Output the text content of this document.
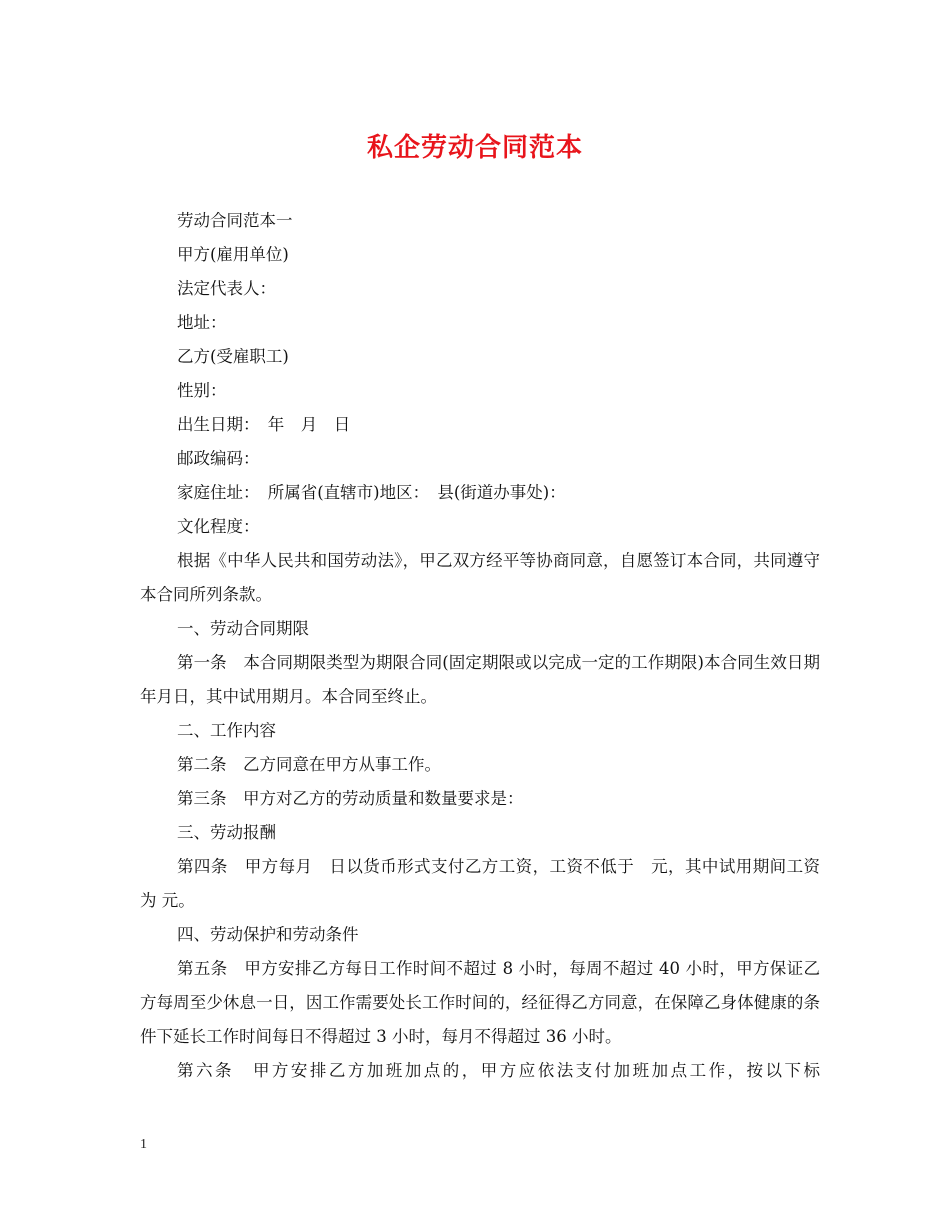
私企劳动合同范本

劳动合同范本一

甲方(雇用单位)

法定代表人：

地址：

乙方(受雇职工)

性别：

出生日期：　年　月　日

邮政编码：

家庭住址：　所属省(直辖市)地区：　县(街道办事处)：

文化程度：

根据《中华人民共和国劳动法》，甲乙双方经平等协商同意，自愿签订本合同，共同遵守本合同所列条款。

一、劳动合同期限

第一条　本合同期限类型为期限合同(固定期限或以完成一定的工作期限)本合同生效日期年月日，其中试用期月。本合同至终止。

二、工作内容

第二条　乙方同意在甲方从事工作。

第三条　甲方对乙方的劳动质量和数量要求是：

三、劳动报酬

第四条　甲方每月　日以货币形式支付乙方工资，工资不低于　元，其中试用期间工资为 元。

四、劳动保护和劳动条件

第五条　甲方安排乙方每日工作时间不超过 8 小时，每周不超过 40 小时，甲方保证乙方每周至少休息一日，因工作需要处长工作时间的，经征得乙方同意，在保障乙身体健康的条件下延长工作时间每日不得超过 3 小时，每月不得超过 36 小时。

第六条　甲方安排乙方加班加点的，甲方应依法支付加班加点工作，按以下标

1
